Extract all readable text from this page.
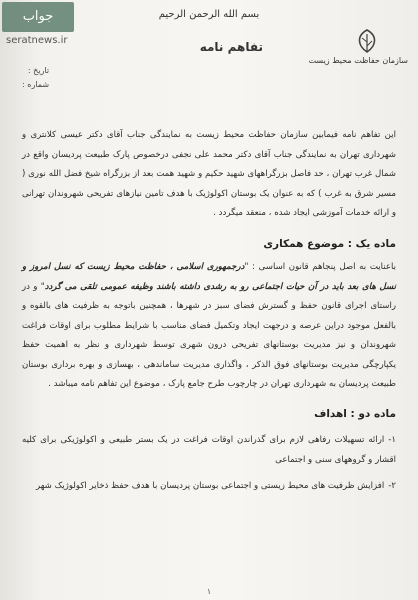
جواب
seratnews.ir
بسم الله الرحمن الرحیم
سازمان حفاظت محیط زیست
تفاهم نامه
تاریخ :
شماره :
این تفاهم نامه فیمابین سازمان حفاظت محیط زیست به نمایندگی جناب آقای دکتر عیسی کلانتری و شهرداری تهران به نمایندگی جناب آقای دکتر محمد علی نجفی درخصوص پارک طبیعت پردیسان واقع در شمال غرب تهران ، حد فاصل بزرگراههای شهید حکیم و شهید همت بعد از بزرگراه شیخ فضل الله نوری ( مسیر شرق به غرب ) که به عنوان یک بوستان اکولوژیک با هدف تامین نیازهای تفریحی شهروندان تهرانی و ارائه خدمات آموزشی ایجاد شده ، منعقد میگردد .
ماده یک : موضوع همکاری
باعنایت به اصل پنجاهم قانون اساسی : "درجمهوری اسلامی ، حفاظت محیط زیست که نسل امروز و نسل های بعد باید در آن حیات اجتماعی رو به رشدی داشته باشند وظیفه عمومی تلقی می گردد" و در راستای اجرای قانون حفظ و گسترش فضای سبز در شهرها ، همچنین باتوجه به ظرفیت های بالقوه و بالفعل موجود دراین عرصه و درجهت ایجاد وتکمیل فضای مناسب با شرایط مطلوب برای اوقات فراغت شهروندان و نیز مدیریت بوستانهای تفریحی درون شهری توسط شهرداری و نظر به اهمیت حفظ یکپارچگی مدیریت بوستانهای فوق الذکر ، واگذاری مدیریت ساماندهی ، بهسازی و بهره برداری بوستان طبیعت پردیسان به شهرداری تهران در چارچوب طرح جامع پارک ، موضوع این تفاهم نامه میباشد .
ماده دو : اهداف
۱-ارائه تسهیلات رفاهی لازم برای گذراندن اوقات فراغت در یک بستر طبیعی و اکولوژیکی برای کلیه اقشار و گروههای سنی و اجتماعی
۲-افزایش ظرفیت های محیط زیستی و اجتماعی بوستان پردیسان با هدف حفظ ذخایر اکولوژیک شهر
۱
